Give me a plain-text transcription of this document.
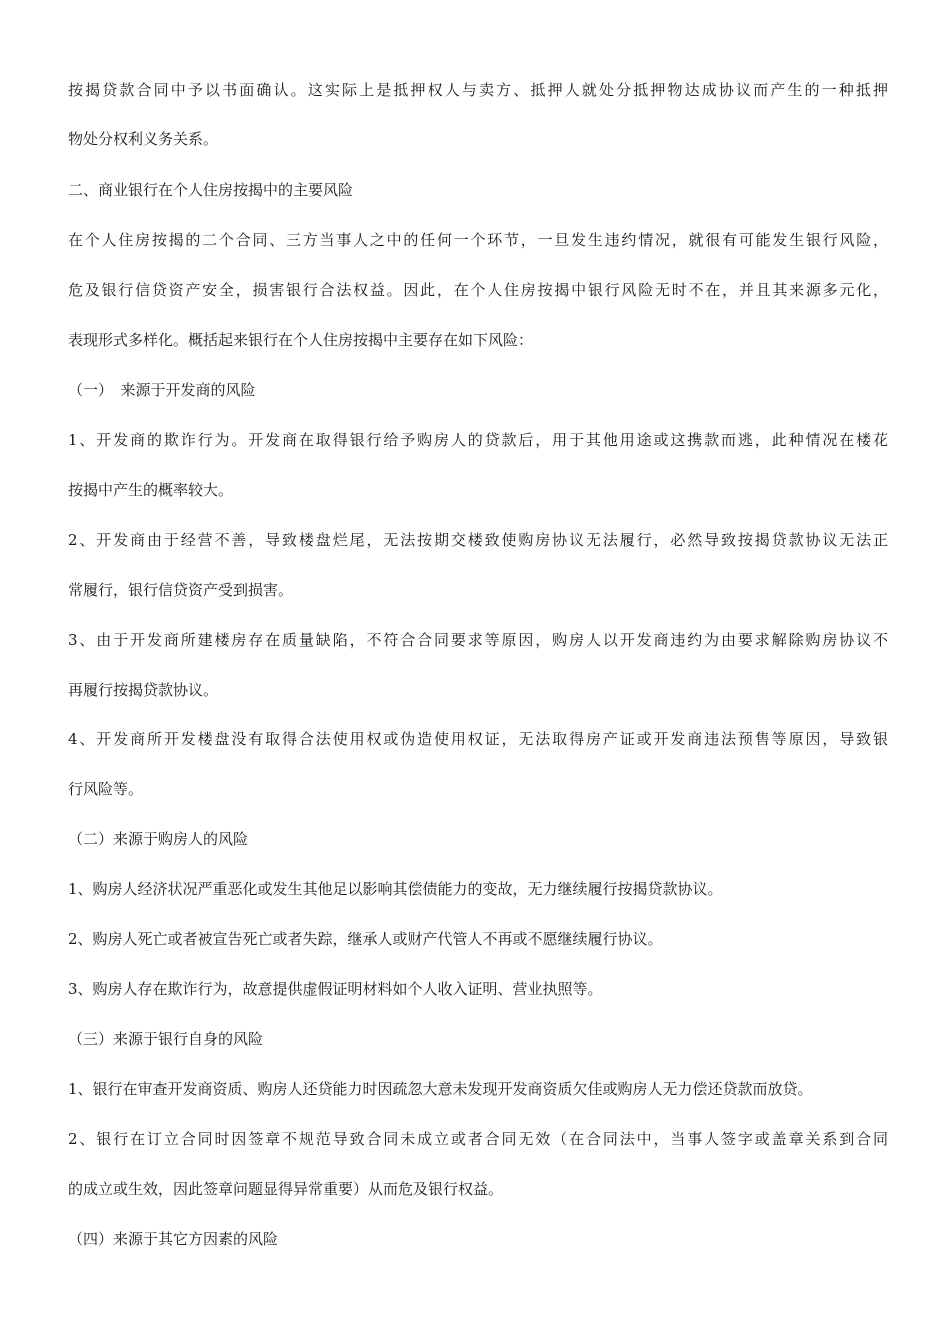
按揭贷款合同中予以书面确认。这实际上是抵押权人与卖方、抵押人就处分抵押物达成协议而产生的一种抵押
物处分权利义务关系。
二、商业银行在个人住房按揭中的主要风险
在个人住房按揭的二个合同、三方当事人之中的任何一个环节，一旦发生违约情况，就很有可能发生银行风险，
危及银行信贷资产安全，损害银行合法权益。因此，在个人住房按揭中银行风险无时不在，并且其来源多元化，
表现形式多样化。概括起来银行在个人住房按揭中主要存在如下风险：
（一）　来源于开发商的风险
1、开发商的欺诈行为。开发商在取得银行给予购房人的贷款后，用于其他用途或这携款而逃，此种情况在楼花
按揭中产生的概率较大。
2、开发商由于经营不善，导致楼盘烂尾，无法按期交楼致使购房协议无法履行，必然导致按揭贷款协议无法正
常履行，银行信贷资产受到损害。
3、由于开发商所建楼房存在质量缺陷，不符合合同要求等原因，购房人以开发商违约为由要求解除购房协议不
再履行按揭贷款协议。
4、开发商所开发楼盘没有取得合法使用权或伪造使用权证，无法取得房产证或开发商违法预售等原因，导致银
行风险等。
（二）来源于购房人的风险
1、购房人经济状况严重恶化或发生其他足以影响其偿债能力的变故，无力继续履行按揭贷款协议。
2、购房人死亡或者被宣告死亡或者失踪，继承人或财产代管人不再或不愿继续履行协议。
3、购房人存在欺诈行为，故意提供虚假证明材料如个人收入证明、营业执照等。
（三）来源于银行自身的风险
1、银行在审查开发商资质、购房人还贷能力时因疏忽大意未发现开发商资质欠佳或购房人无力偿还贷款而放贷。
2、银行在订立合同时因签章不规范导致合同未成立或者合同无效（在合同法中，当事人签字或盖章关系到合同
的成立或生效，因此签章问题显得异常重要）从而危及银行权益。
（四）来源于其它方因素的风险
